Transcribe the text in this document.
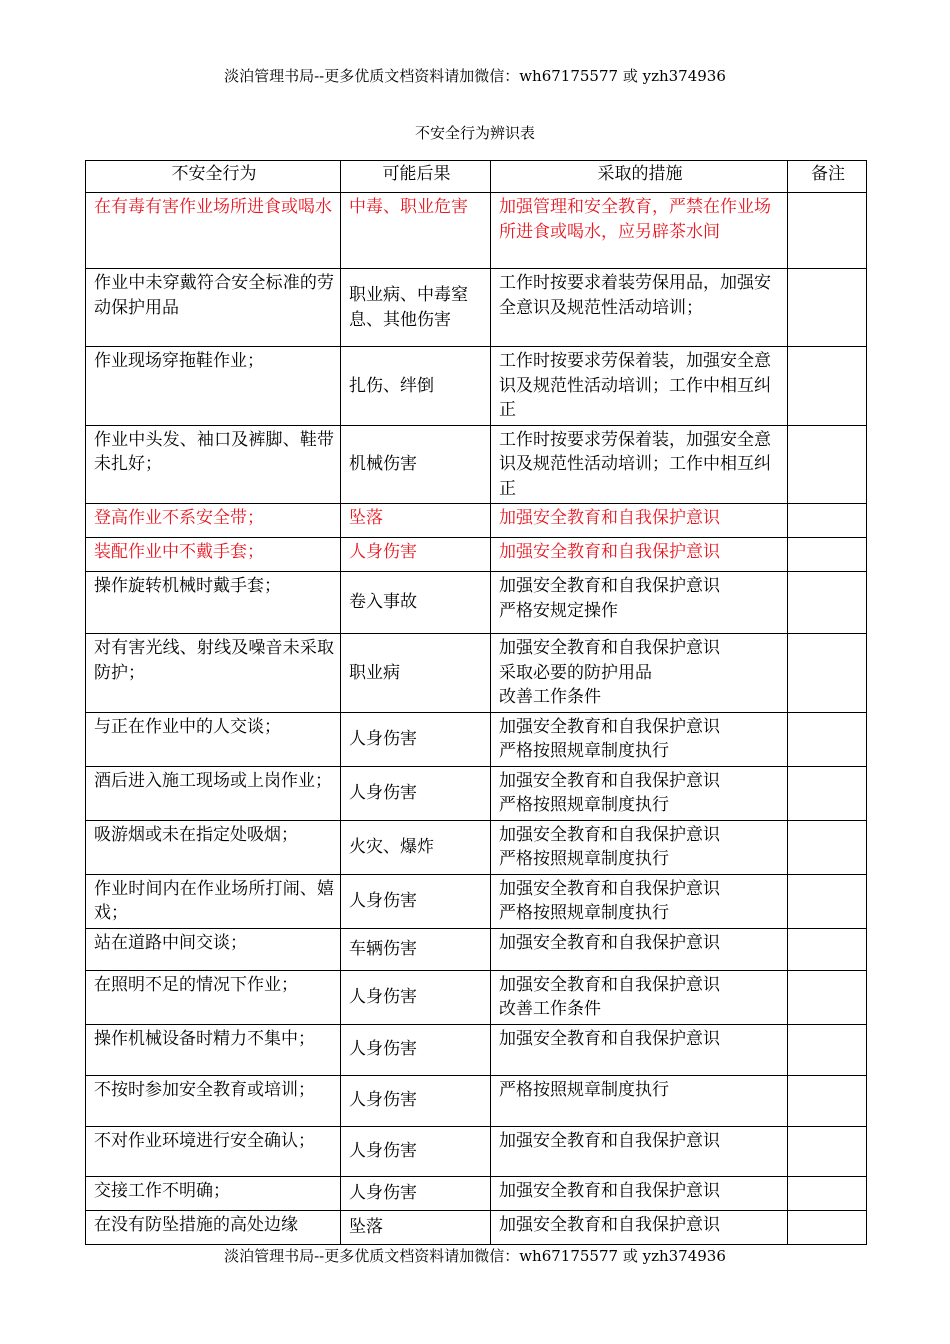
淡泊管理书局--更多优质文档资料请加微信：wh67175577 或 yzh374936
不安全行为辨识表
不安全行为	可能后果	采取的措施	备注
在有毒有害作业场所进食或喝水	中毒、职业危害	加强管理和安全教育，严禁在作业场所进食或喝水，应另辟茶水间	

作业中未穿戴符合安全标准的劳动保护用品	职业病、中毒窒息、其他伤害	工作时按要求着装劳保用品，加强安全意识及规范性活动培训；	

作业现场穿拖鞋作业；	扎伤、绊倒	工作时按要求劳保着装，加强安全意识及规范性活动培训；工作中相互纠正	

作业中头发、袖口及裤脚、鞋带未扎好；	机械伤害	工作时按要求劳保着装，加强安全意识及规范性活动培训；工作中相互纠正	

登高作业不系安全带；	坠落	加强安全教育和自我保护意识	

装配作业中不戴手套；	人身伤害	加强安全教育和自我保护意识	

操作旋转机械时戴手套；	卷入事故	加强安全教育和自我保护意识
严格安规定操作	

对有害光线、射线及噪音未采取防护；	职业病	加强安全教育和自我保护意识
采取必要的防护用品
改善工作条件	

与正在作业中的人交谈；	人身伤害	加强安全教育和自我保护意识
严格按照规章制度执行	

酒后进入施工现场或上岗作业；	人身伤害	加强安全教育和自我保护意识
严格按照规章制度执行	

吸游烟或未在指定处吸烟；	火灾、爆炸	加强安全教育和自我保护意识
严格按照规章制度执行	

作业时间内在作业场所打闹、嬉戏；	人身伤害	加强安全教育和自我保护意识
严格按照规章制度执行	

站在道路中间交谈；	车辆伤害	加强安全教育和自我保护意识	

在照明不足的情况下作业；	人身伤害	加强安全教育和自我保护意识
改善工作条件	

操作机械设备时精力不集中；	人身伤害	加强安全教育和自我保护意识	

不按时参加安全教育或培训；	人身伤害	严格按照规章制度执行	

不对作业环境进行安全确认；	人身伤害	加强安全教育和自我保护意识	

交接工作不明确；	人身伤害	加强安全教育和自我保护意识	

在没有防坠措施的高处边缘	坠落	加强安全教育和自我保护意识	

淡泊管理书局--更多优质文档资料请加微信：wh67175577 或 yzh374936
